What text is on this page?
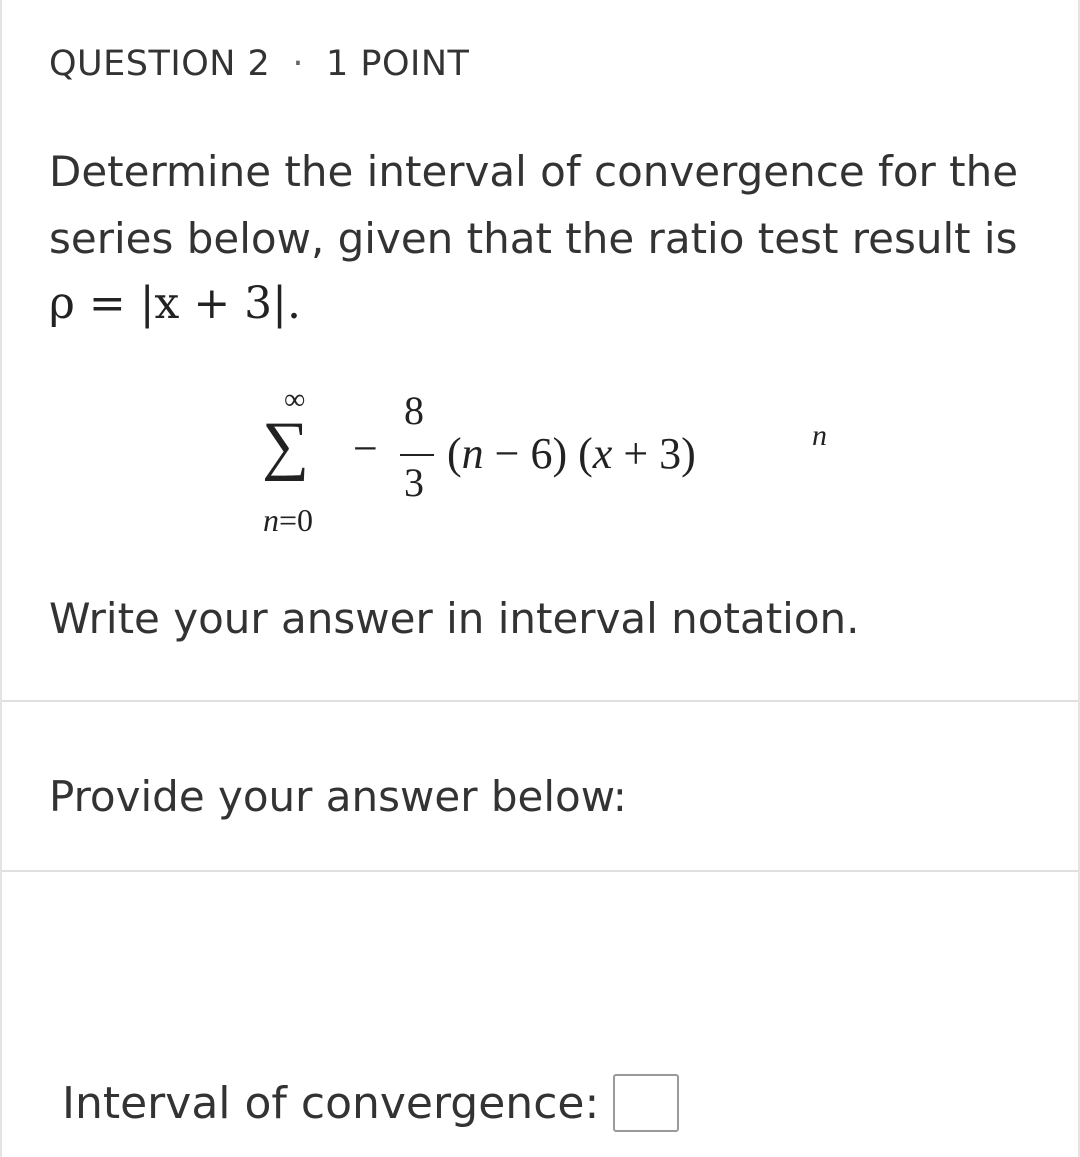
QUESTION 2 · 1 POINT
Determine the interval of convergence for the series below, given that the ratio test result is
ρ = |x + 3|.
∑
∞
n=0
−
8
3
(n − 6) (x + 3)	n
Write your answer in interval notation.
Provide your answer below:
Interval of convergence:
